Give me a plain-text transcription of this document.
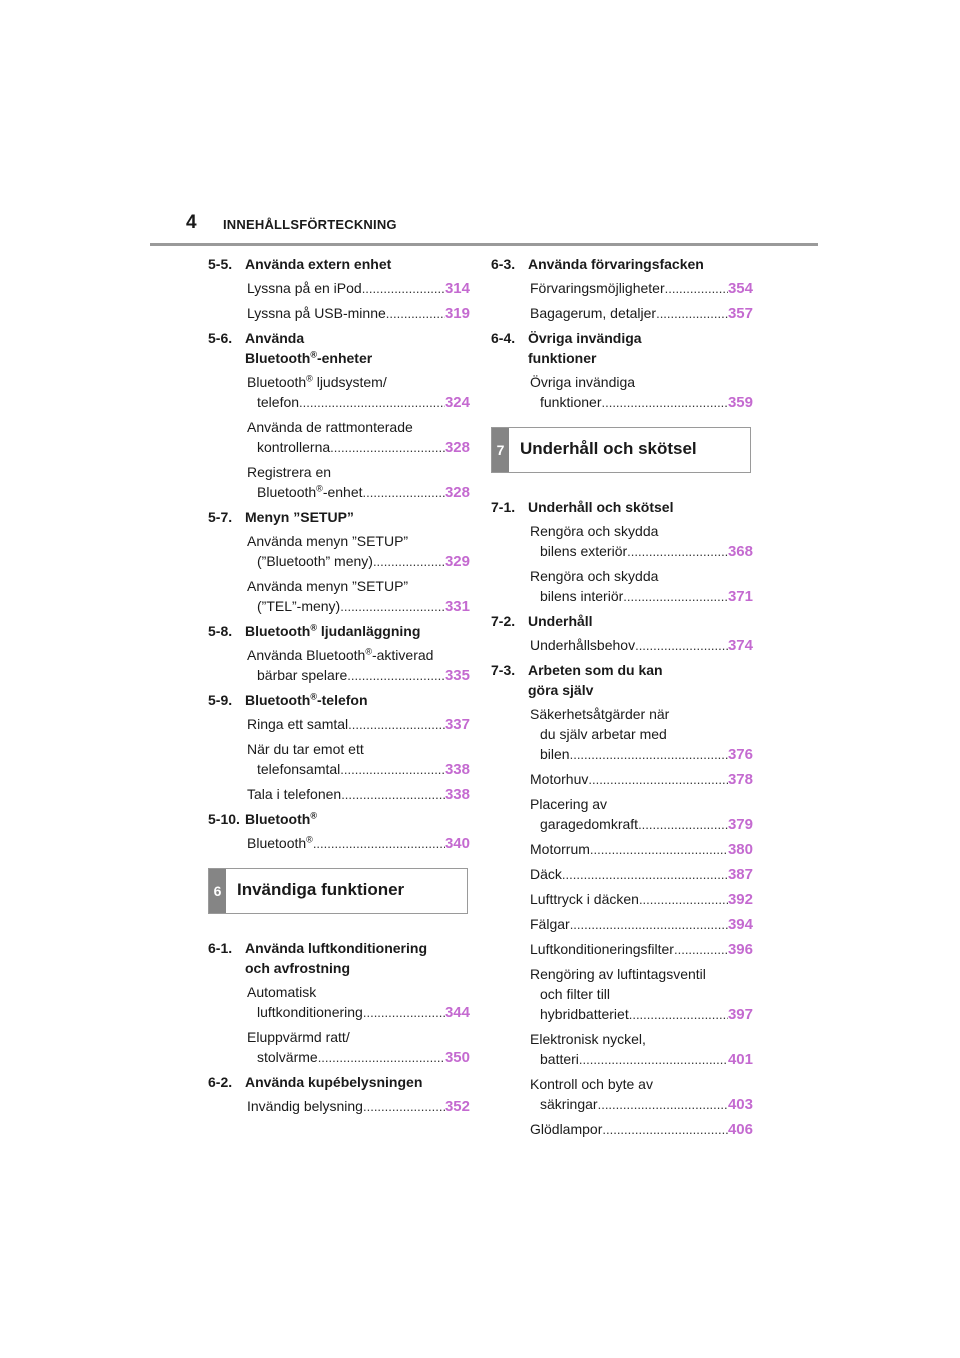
4 INNEHÅLLSFÖRTECKNING
5-5. Använda extern enhet
Lyssna på en iPod .....	314
Lyssna på USB-minne .....	319
5-6. Använda
Bluetooth®-enheter
Bluetooth® ljudsystem/
telefon .....	324
Använda de rattmonterade
kontrollerna .....	328
Registrera en
Bluetooth®-enhet .....	328
5-7. Menyn ”SETUP”
Använda menyn ”SETUP”
(”Bluetooth” meny) .....	329
Använda menyn ”SETUP”
(”TEL”-meny) .....	331
5-8. Bluetooth® ljudanläggning
Använda Bluetooth®-aktiverad
bärbar spelare .....	335
5-9. Bluetooth®-telefon
Ringa ett samtal .....	337
När du tar emot ett
telefonsamtal .....	338
Tala i telefonen .....	338
5-10. Bluetooth®
Bluetooth® .....	340
6 Invändiga funktioner
6-1. Använda luftkonditionering
och avfrostning
Automatisk
luftkonditionering .....	344
Eluppvärmd ratt/
stolvärme .....	350
6-2. Använda kupébelysningen
Invändig belysning .....	352
6-3. Använda förvaringsfacken
Förvaringsmöjligheter .....	354
Bagagerum, detaljer .....	357
6-4. Övriga invändiga
funktioner
Övriga invändiga
funktioner .....	359
7 Underhåll och skötsel
7-1. Underhåll och skötsel
Rengöra och skydda
bilens exteriör .....	368
Rengöra och skydda
bilens interiör .....	371
7-2. Underhåll
Underhållsbehov .....	374
7-3. Arbeten som du kan
göra själv
Säkerhetsåtgärder när
du själv arbetar med
bilen .....	376
Motorhuv .....	378
Placering av
garagedomkraft .....	379
Motorrum .....	380
Däck .....	387
Lufttryck i däcken .....	392
Fälgar .....	394
Luftkonditioneringsfilter .....	396
Rengöring av luftintagsventil
och filter till
hybridbatteriet .....	397
Elektronisk nyckel,
batteri .....	401
Kontroll och byte av
säkringar .....	403
Glödlampor .....	406
